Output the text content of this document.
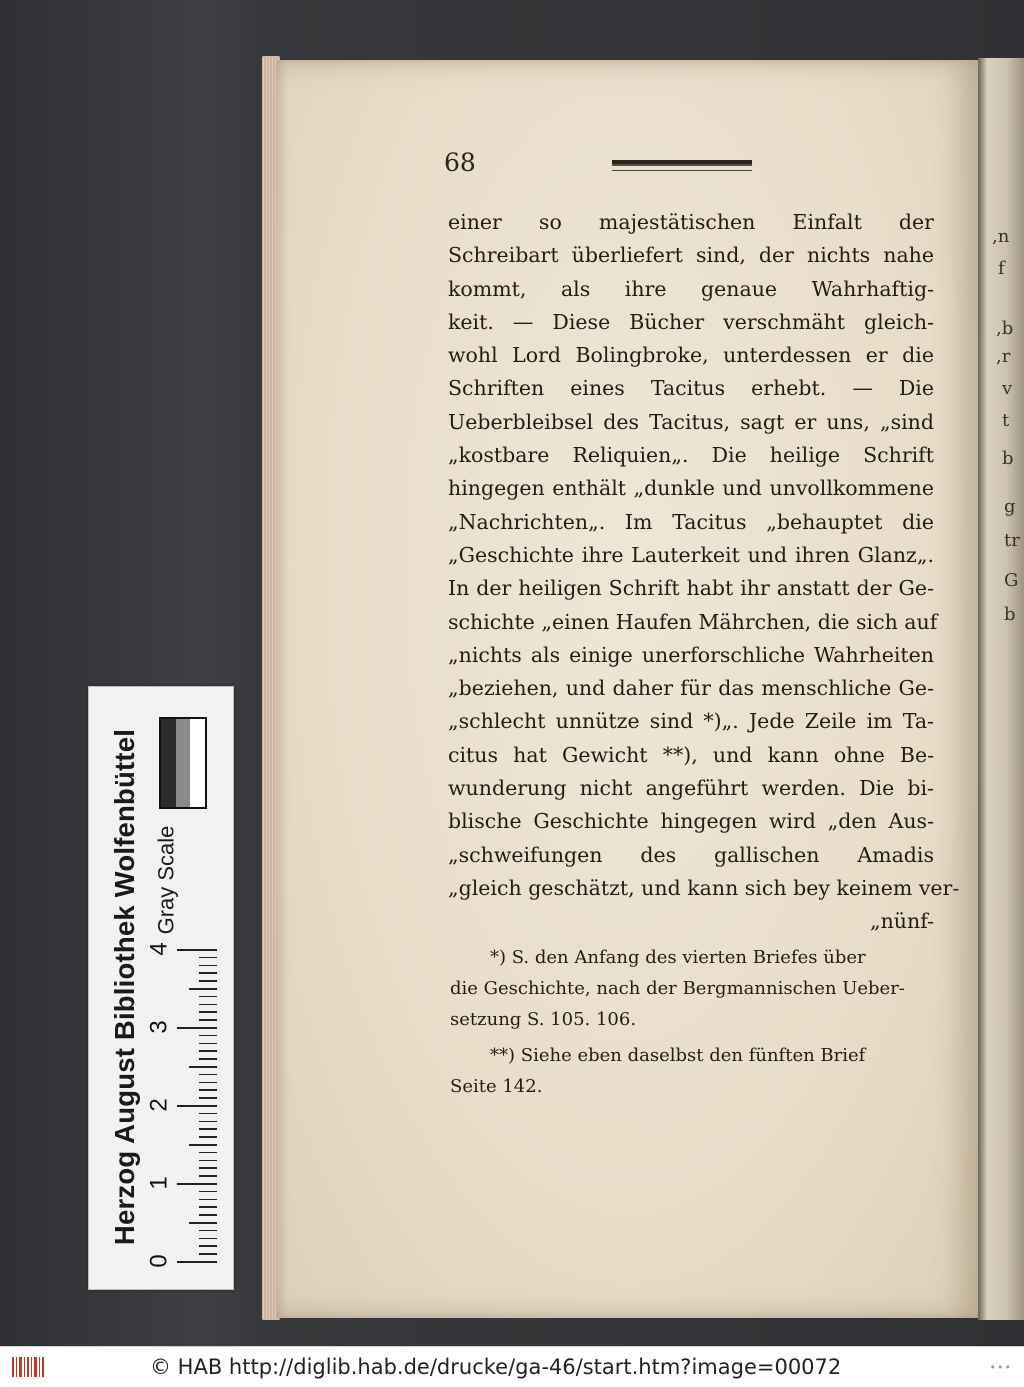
,n
f
,b
,r
v
t
b
g
tr
G
b
68
einer so majestätischen Einfalt der
Schreibart überliefert sind, der nichts nahe
kommt, als ihre genaue Wahrhaftig-
keit. — Diese Bücher verschmäht gleich-
wohl Lord Bolingbroke, unterdessen er die
Schriften eines Tacitus erhebt. — Die
Ueberbleibsel des Tacitus, sagt er uns, „sind
„kostbare Reliquien„. Die heilige Schrift
hingegen enthält „dunkle und unvollkommene
„Nachrichten„. Im Tacitus „behauptet die
„Geschichte ihre Lauterkeit und ihren Glanz„.
In der heiligen Schrift habt ihr anstatt der Ge-
schichte „einen Haufen Mährchen, die sich auf
„nichts als einige unerforschliche Wahrheiten
„beziehen, und daher für das menschliche Ge-
„schlecht unnütze sind *)„. Jede Zeile im Ta-
citus hat Gewicht **), und kann ohne Be-
wunderung nicht angeführt werden. Die bi-
blische Geschichte hingegen wird „den Aus-
„schweifungen des gallischen Amadis
„gleich geschätzt, und kann sich bey keinem ver-
„nünf-
*) S. den Anfang des vierten Briefes über
die Geschichte, nach der Bergmannischen Ueber-
setzung S. 105. 106.
**) Siehe eben daselbst den fünften Brief
Seite 142.
Herzog August Bibliothek Wolfenbüttel Gray Scale
0
1
2
3
4
© HAB http://diglib.hab.de/drucke/ga-46/start.htm?image=00072	•••
